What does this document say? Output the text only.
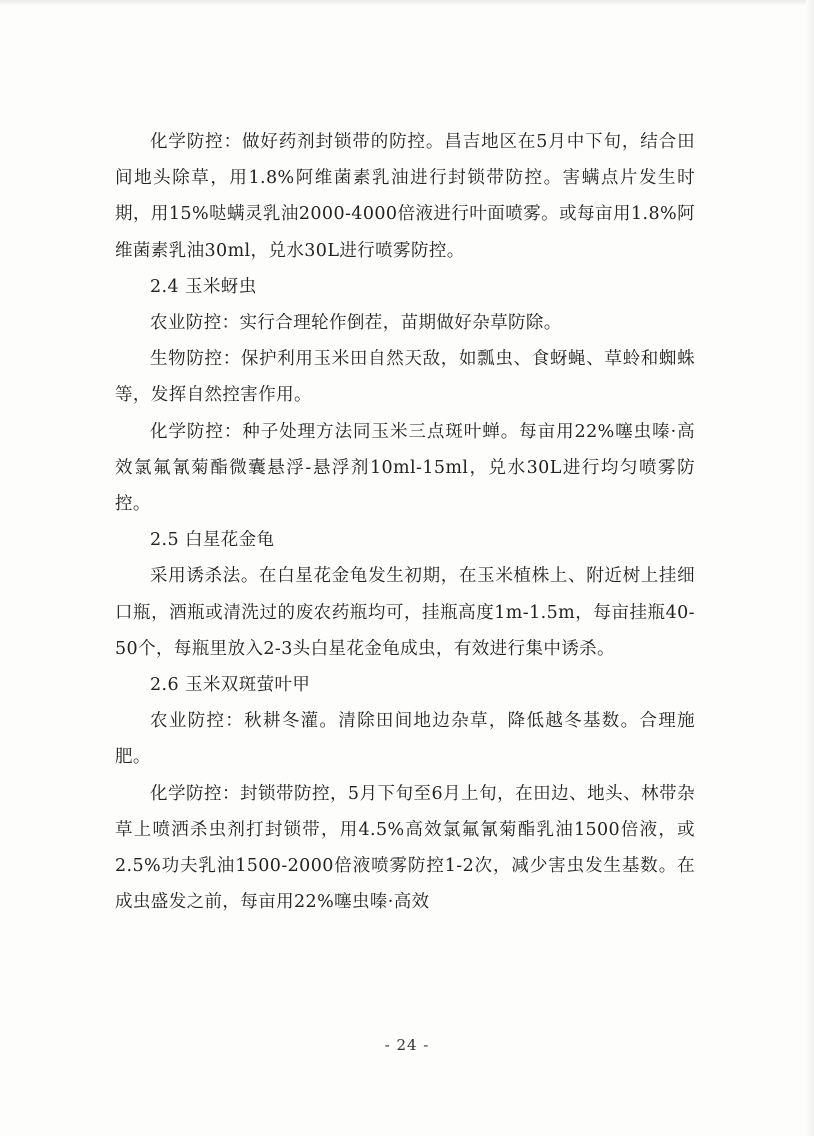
化学防控：做好药剂封锁带的防控。昌吉地区在5月中下旬，结合田间地头除草，用1.8%阿维菌素乳油进行封锁带防控。害螨点片发生时期，用15%哒螨灵乳油2000-4000倍液进行叶面喷雾。或每亩用1.8%阿维菌素乳油30ml，兑水30L进行喷雾防控。

2.4 玉米蚜虫

农业防控：实行合理轮作倒茬，苗期做好杂草防除。

生物防控：保护利用玉米田自然天敌，如瓢虫、食蚜蝇、草蛉和蜘蛛等，发挥自然控害作用。

化学防控：种子处理方法同玉米三点斑叶蝉。每亩用22%噻虫嗪·高效氯氟氰菊酯微囊悬浮-悬浮剂10ml-15ml，兑水30L进行均匀喷雾防控。

2.5 白星花金龟

采用诱杀法。在白星花金龟发生初期，在玉米植株上、附近树上挂细口瓶，酒瓶或清洗过的废农药瓶均可，挂瓶高度1m-1.5m，每亩挂瓶40-50个，每瓶里放入2-3头白星花金龟成虫，有效进行集中诱杀。

2.6 玉米双斑萤叶甲

农业防控：秋耕冬灌。清除田间地边杂草，降低越冬基数。合理施肥。

化学防控：封锁带防控，5月下旬至6月上旬，在田边、地头、林带杂草上喷洒杀虫剂打封锁带，用4.5%高效氯氟氰菊酯乳油1500倍液，或2.5%功夫乳油1500-2000倍液喷雾防控1-2次，减少害虫发生基数。在成虫盛发之前，每亩用22%噻虫嗪·高效

- 24 -
